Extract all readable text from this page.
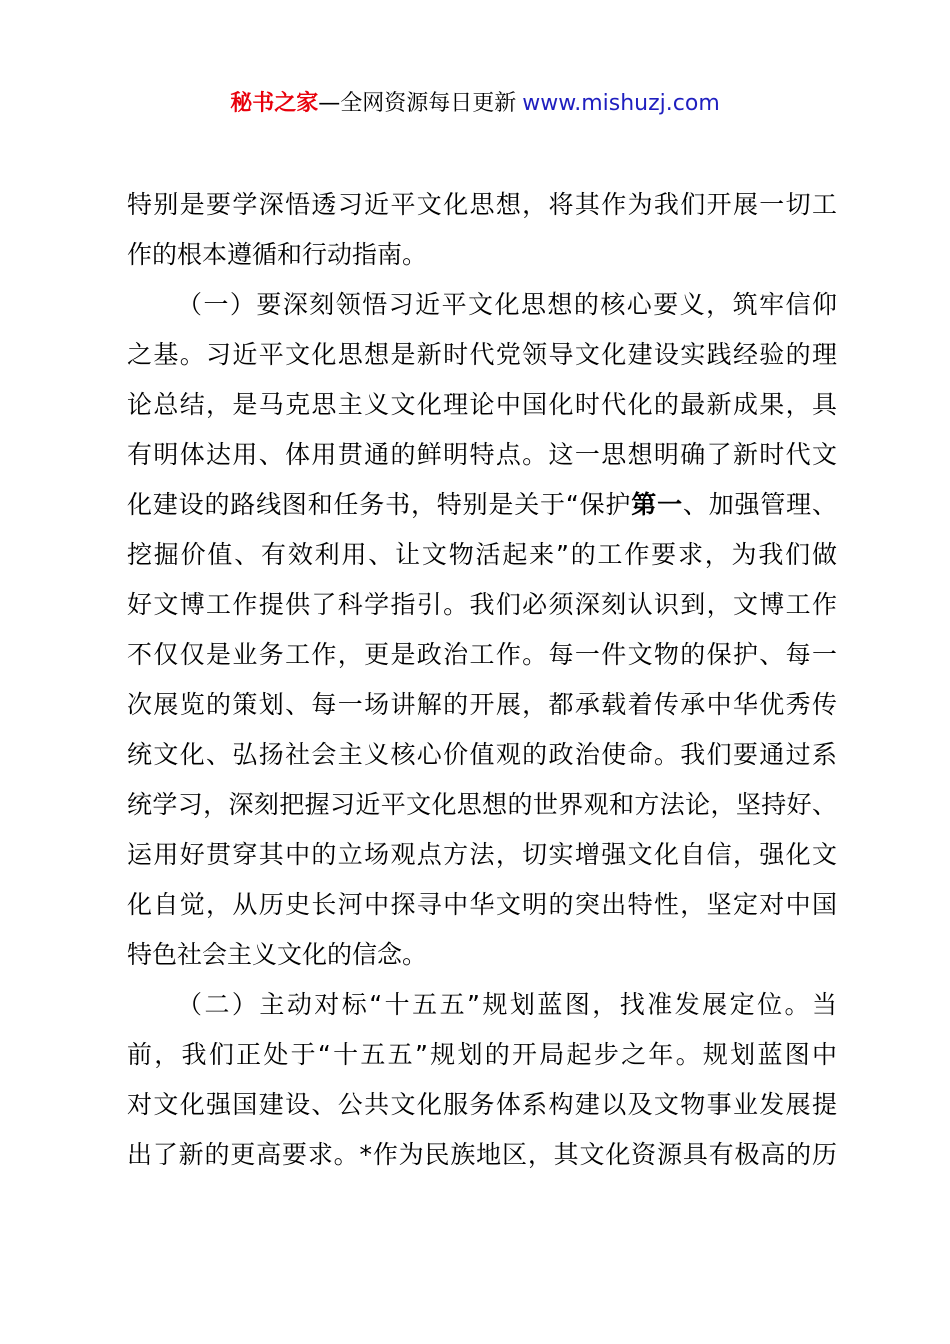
秘书之家—全网资源每日更新 www.mishuzj.com
特别是要学深悟透习近平文化思想，将其作为我们开展一切工
作的根本遵循和行动指南。
（一）要深刻领悟习近平文化思想的核心要义，筑牢信仰
之基。习近平文化思想是新时代党领导文化建设实践经验的理
论总结，是马克思主义文化理论中国化时代化的最新成果，具
有明体达用、体用贯通的鲜明特点。这一思想明确了新时代文
化建设的路线图和任务书，特别是关于“保护第一、加强管理、
挖掘价值、有效利用、让文物活起来”的工作要求，为我们做
好文博工作提供了科学指引。我们必须深刻认识到，文博工作
不仅仅是业务工作，更是政治工作。每一件文物的保护、每一
次展览的策划、每一场讲解的开展，都承载着传承中华优秀传
统文化、弘扬社会主义核心价值观的政治使命。我们要通过系
统学习，深刻把握习近平文化思想的世界观和方法论，坚持好、
运用好贯穿其中的立场观点方法，切实增强文化自信，强化文
化自觉，从历史长河中探寻中华文明的突出特性，坚定对中国
特色社会主义文化的信念。
（二）主动对标“十五五”规划蓝图，找准发展定位。当
前，我们正处于“十五五”规划的开局起步之年。规划蓝图中
对文化强国建设、公共文化服务体系构建以及文物事业发展提
出了新的更高要求。*作为民族地区，其文化资源具有极高的历
